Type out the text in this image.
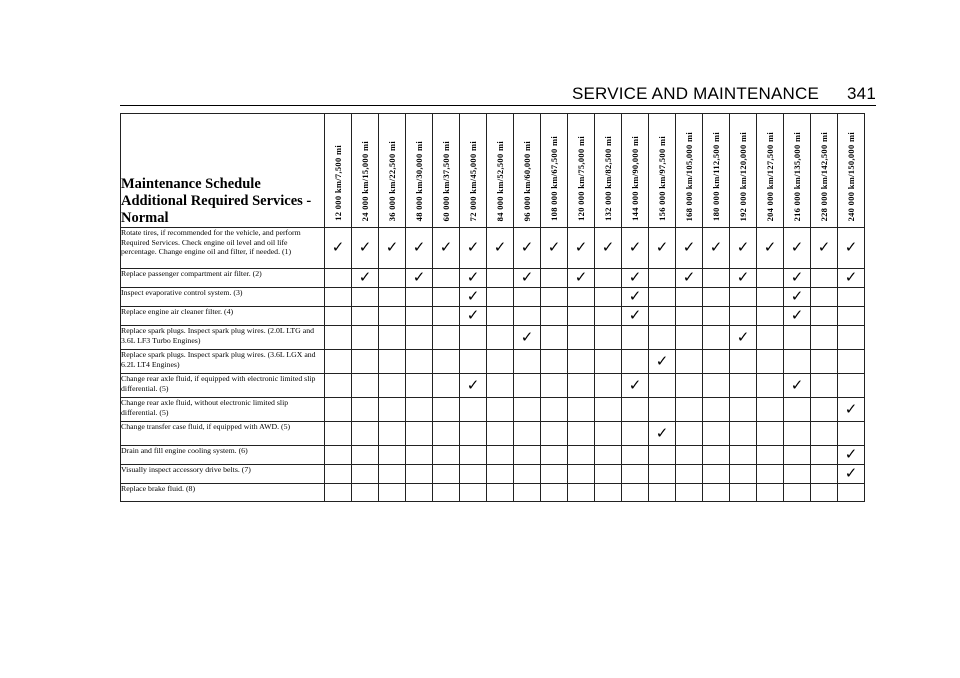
SERVICE AND MAINTENANCE 341
Maintenance Schedule
Additional Required Services -
Normal	12 000 km/7,500 mi	24 000 km/15,000 mi	36 000 km/22,500 mi	48 000 km/30,000 mi	60 000 km/37,500 mi	72 000 km/45,000 mi	84 000 km/52,500 mi	96 000 km/60,000 mi	108 000 km/67,500 mi	120 000 km/75,000 mi	132 000 km/82,500 mi	144 000 km/90,000 mi	156 000 km/97,500 mi	168 000 km/105,000 mi	180 000 km/112,500 mi	192 000 km/120,000 mi	204 000 km/127,500 mi	216 000 km/135,000 mi	228 000 km/142,500 mi	240 000 km/150,000 mi

Rotate tires, if recommended for the vehicle, and perform Required Services. Check engine oil level and oil life percentage. Change engine oil and filter, if needed. (1)	✓	✓	✓	✓	✓	✓	✓	✓	✓	✓	✓	✓	✓	✓	✓	✓	✓	✓	✓	✓
Replace passenger compartment air filter. (2)		✓		✓		✓		✓		✓		✓		✓		✓		✓		✓
Inspect evaporative control system. (3)						✓						✓						✓		
Replace engine air cleaner filter. (4)						✓						✓						✓		
Replace spark plugs. Inspect spark plug wires. (2.0L LTG and 3.6L LF3 Turbo Engines)								✓								✓				
Replace spark plugs. Inspect spark plug wires. (3.6L LGX and 6.2L LT4 Engines)													✓							
Change rear axle fluid, if equipped with electronic limited slip differential. (5)						✓						✓						✓		
Change rear axle fluid, without electronic limited slip differential. (5)																				✓
Change transfer case fluid, if equipped with AWD. (5)													✓							
Drain and fill engine cooling system. (6)																				✓
Visually inspect accessory drive belts. (7)																				✓
Replace brake fluid. (8)																				
